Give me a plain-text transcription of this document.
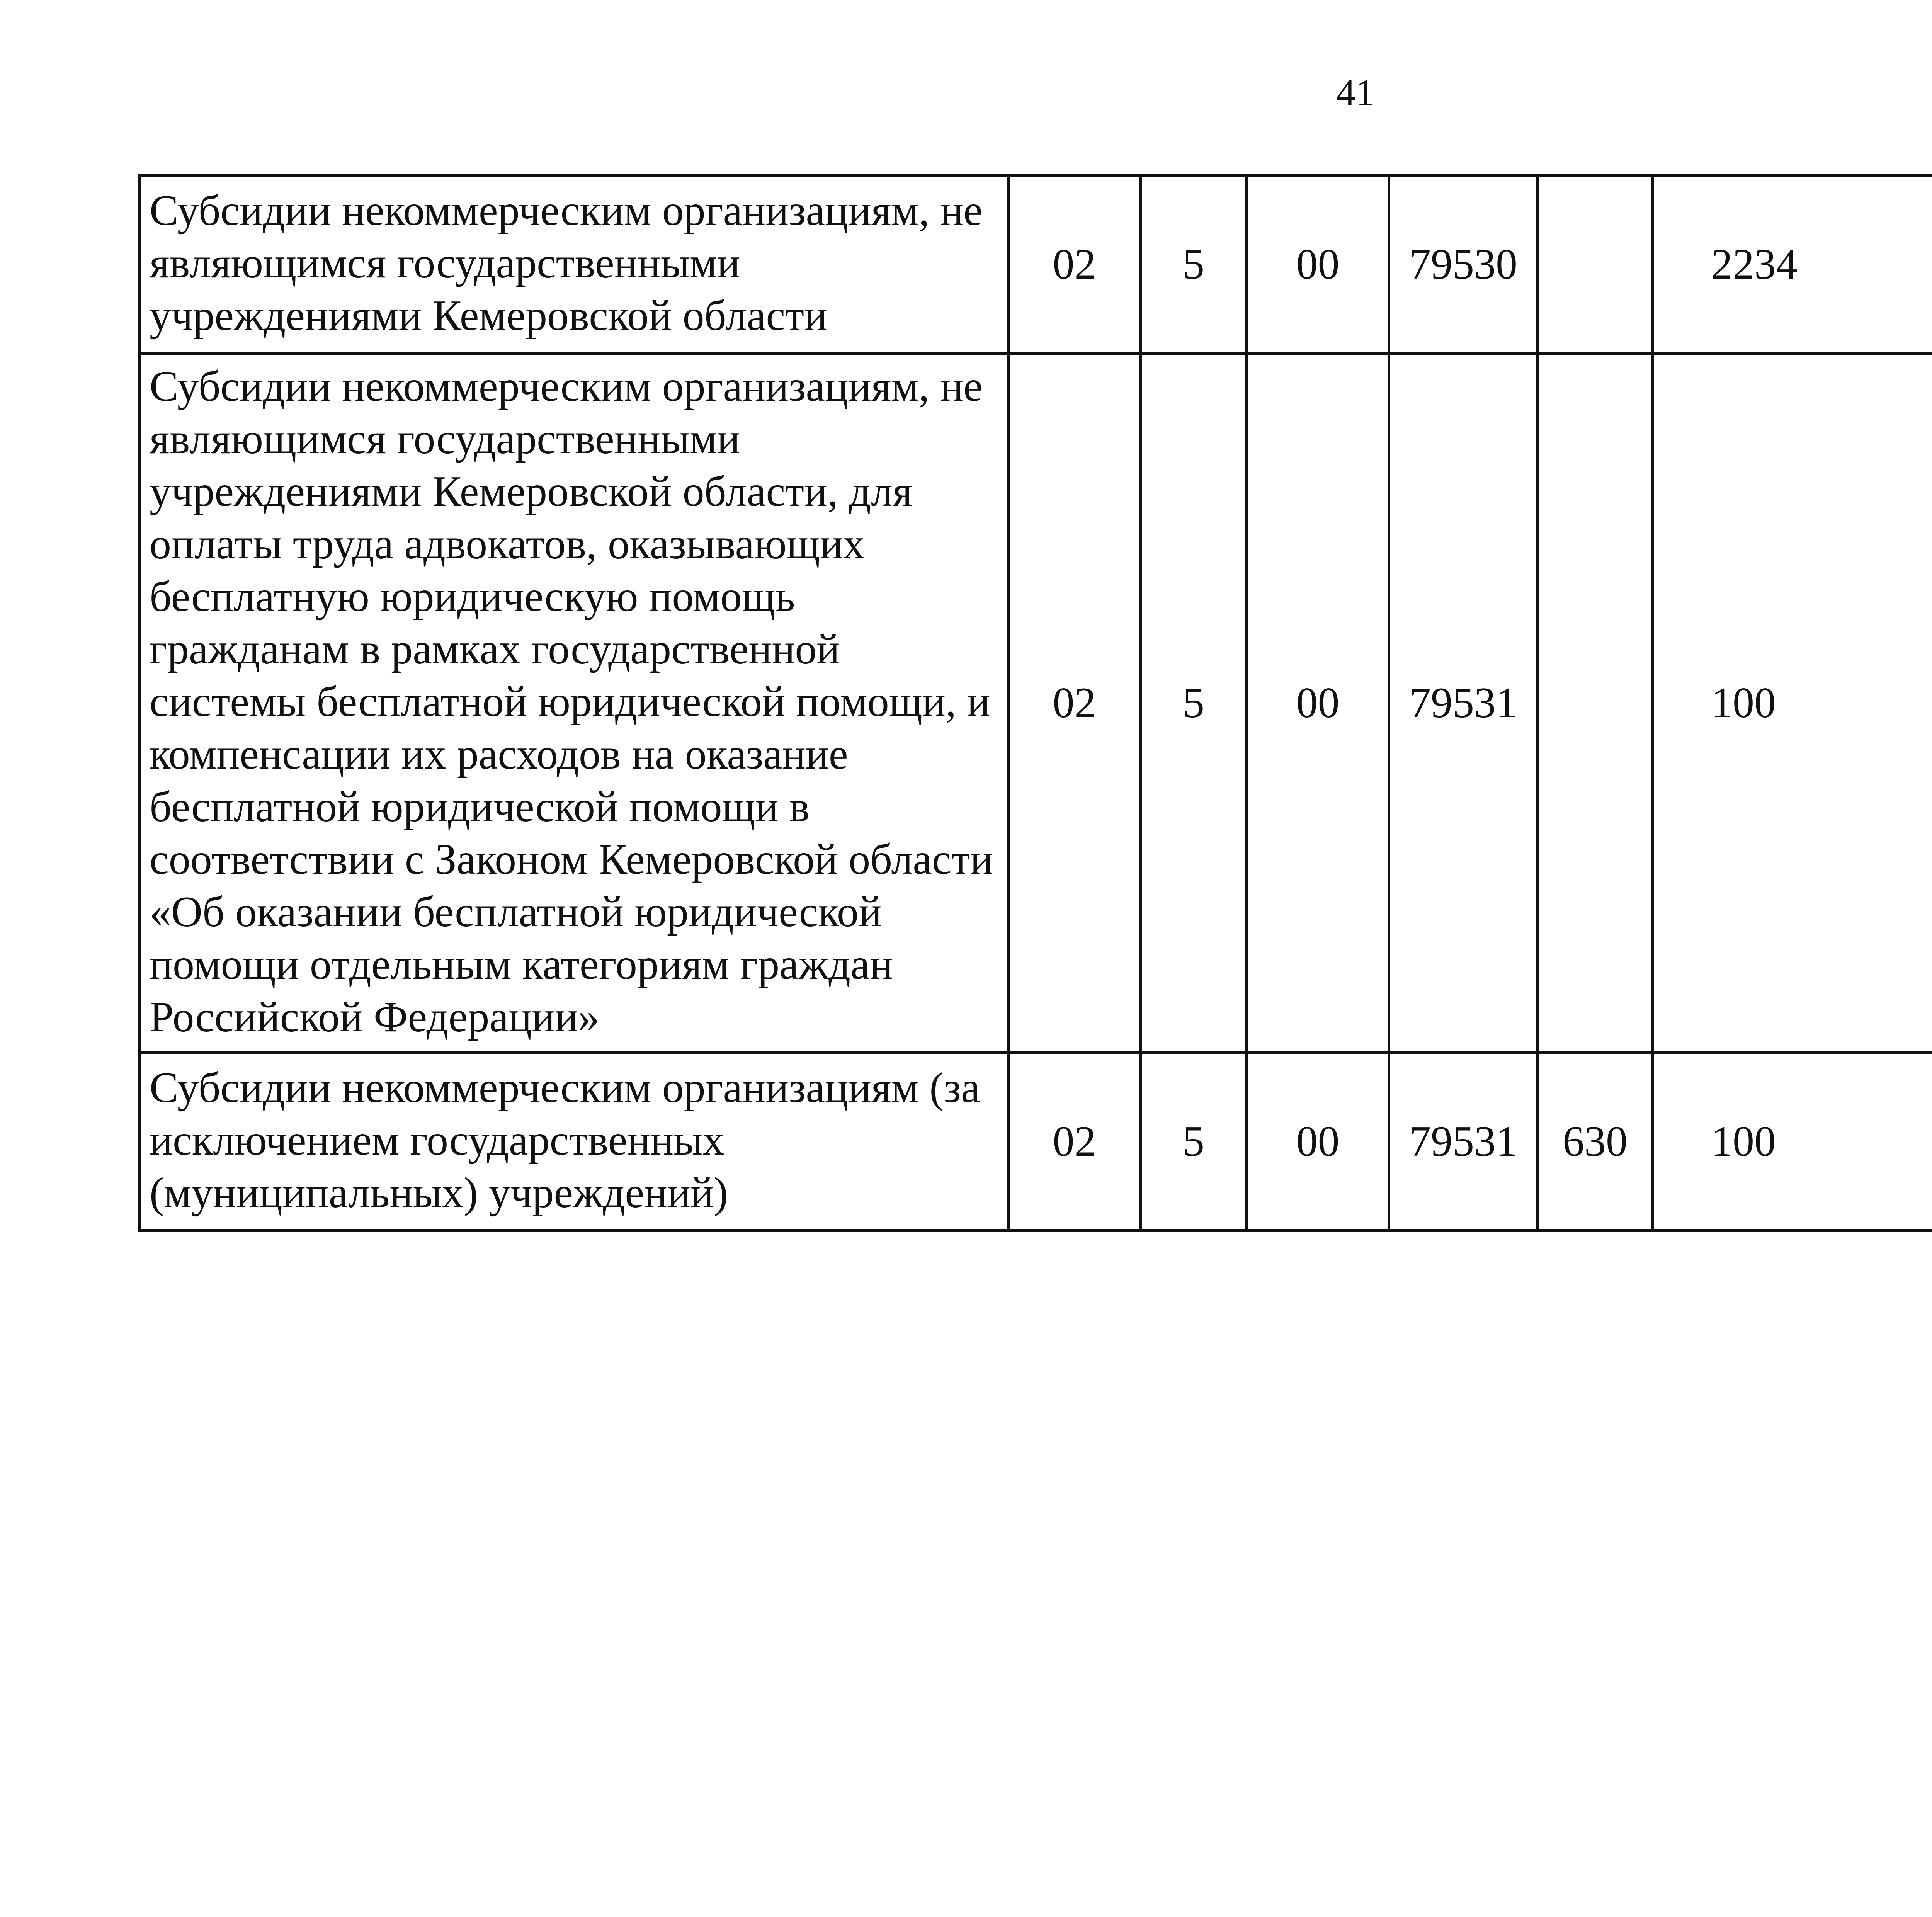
41
Субсидии некоммерческим организациям, не являющимся государственными учреждениями Кемеровской области	02	5	00	79530		2234		
Субсидии некоммерческим организациям, не являющимся государственными учреждениями Кемеровской области, для оплаты труда адвокатов, оказывающих бесплатную юридическую помощь гражданам в рамках государственной системы бесплатной юридической помощи, и компенсации их расходов на оказание бесплатной юридической помощи в соответствии с Законом Кемеровской области «Об оказании бесплатной юридической помощи отдельным категориям граждан Российской Федерации»	02	5	00	79531		100		
Субсидии некоммерческим организациям (за исключением государственных (муниципальных) учреждений)	02	5	00	79531	630	100		
